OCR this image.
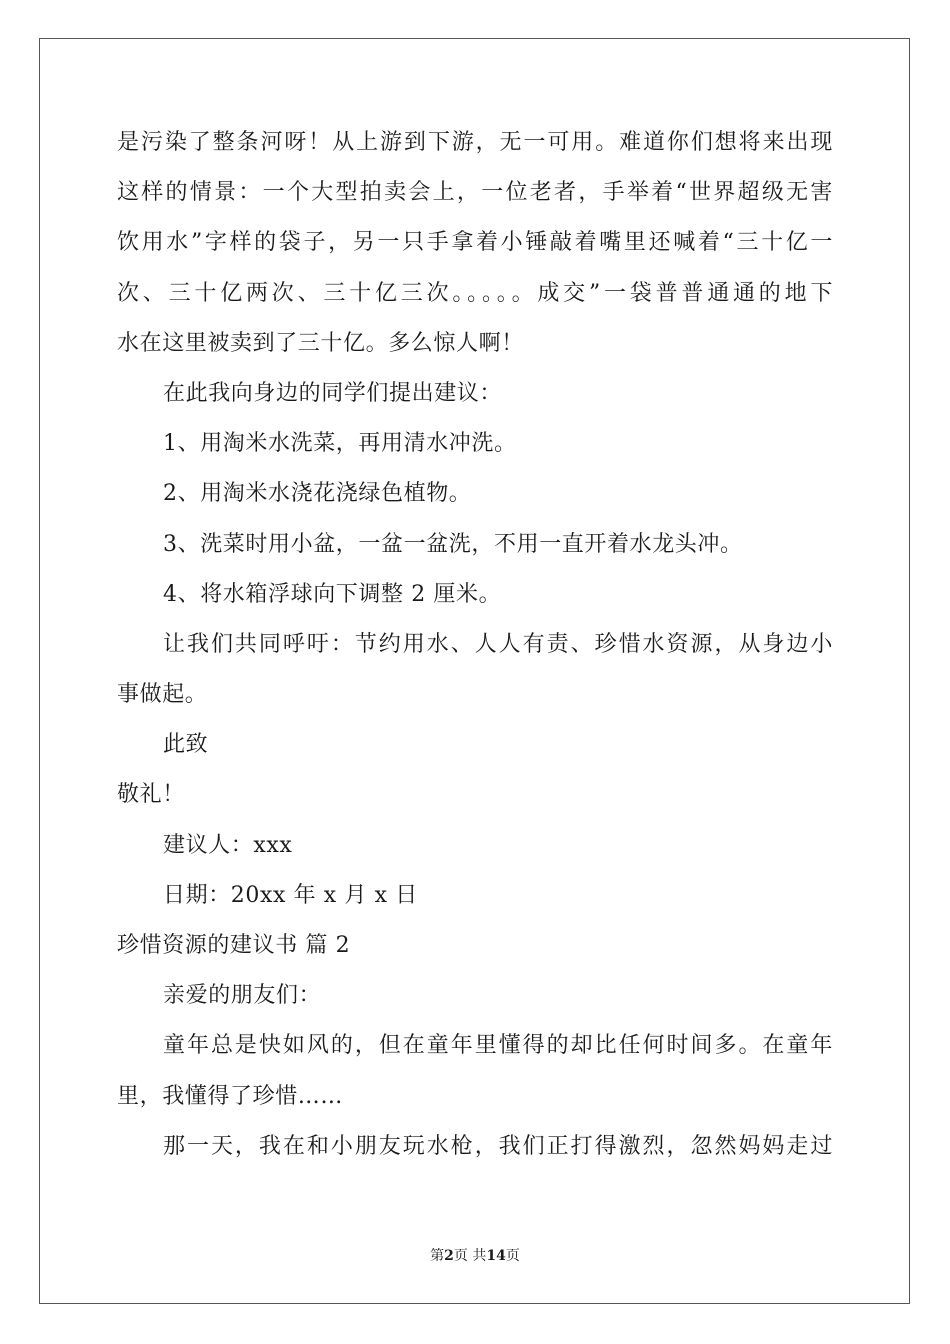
是污染了整条河呀！从上游到下游，无一可用。难道你们想将来出现
这样的情景：一个大型拍卖会上，一位老者，手举着“世界超级无害
饮用水”字样的袋子，另一只手拿着小锤敲着嘴里还喊着“三十亿一
次、三十亿两次、三十亿三次。。。。。成交”一袋普普通通的地下
水在这里被卖到了三十亿。多么惊人啊！
在此我向身边的同学们提出建议：
1、用淘米水洗菜，再用清水冲洗。
2、用淘米水浇花浇绿色植物。
3、洗菜时用小盆，一盆一盆洗，不用一直开着水龙头冲。
4、将水箱浮球向下调整 2 厘米。
让我们共同呼吁：节约用水、人人有责、珍惜水资源，从身边小
事做起。
此致
敬礼！
建议人：xxx
日期：20xx 年 x 月 x 日
珍惜资源的建议书 篇 2
亲爱的朋友们：
童年总是快如风的，但在童年里懂得的却比任何时间多。在童年
里，我懂得了珍惜……
那一天，我在和小朋友玩水枪，我们正打得激烈，忽然妈妈走过
第2页 共14页
